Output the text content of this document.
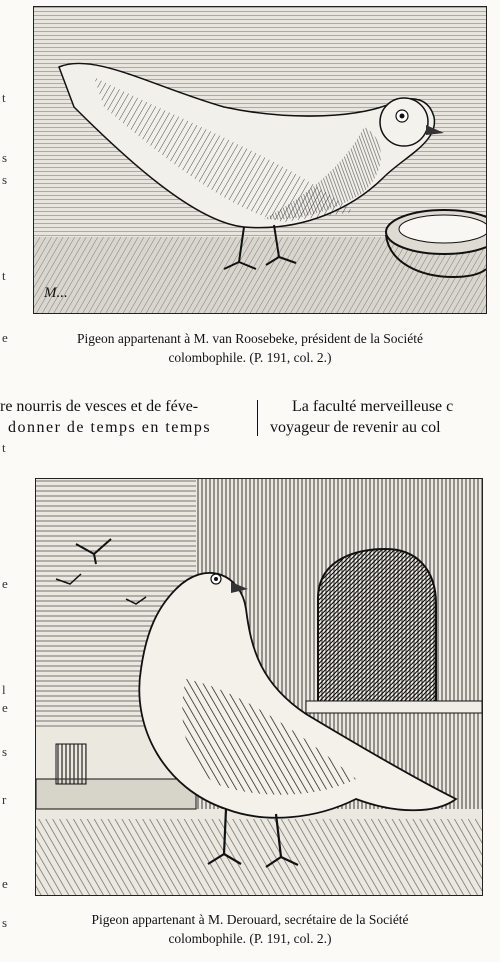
M...
Pigeon appartenant à M. van Roosebeke, président de la Société
colombophile. (P. 191, col. 2.)
re nourris de vesces et de féve-
donner de temps en temps
La faculté merveilleuse c
voyageur de revenir au col
Pigeon appartenant à M. Derouard, secrétaire de la Société
colombophile. (P. 191, col. 2.)
t
s
s
t
e
t
e
l
e
s
r
e
s
